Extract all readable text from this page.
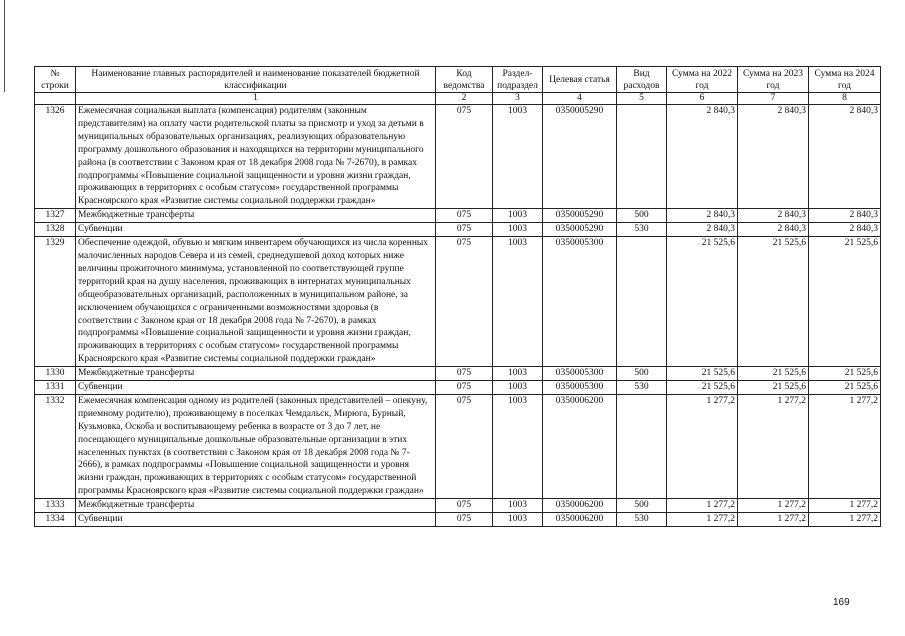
№ строки	Наименование главных распорядителей и наименование показателей бюджетной классификации	Код ведомства	Раздел-подраздел	Целевая статья	Вид расходов	Сумма на 2022 год	Сумма на 2023 год	Сумма на 2024 год
	1	2	3	4	5	6	7	8
1326	Ежемесячная социальная выплата (компенсация) родителям (законным представителям) на оплату части родительской платы за присмотр и уход за детьми в муниципальных образовательных организациях, реализующих образовательную программу дошкольного образования и находящихся на территории муниципального района (в соответствии с Законом края от 18 декабря 2008 года № 7-2670), в рамках подпрограммы «Повышение социальной защищенности и уровня жизни граждан, проживающих в территориях с особым статусом» государственной программы Красноярского края «Развитие системы социальной поддержки граждан»	075	1003	0350005290		2 840,3	2 840,3	2 840,3
1327	Межбюджетные трансферты	075	1003	0350005290	500	2 840,3	2 840,3	2 840,3
1328	Субвенции	075	1003	0350005290	530	2 840,3	2 840,3	2 840,3
1329	Обеспечение одеждой, обувью и мягким инвентарем обучающихся из числа коренных малочисленных народов Севера и из семей, среднедушевой доход которых ниже величины прожиточного минимума, установленной по соответствующей группе территорий края на душу населения, проживающих в интернатах муниципальных общеобразовательных организаций, расположенных в муниципальном районе, за исключением обучающихся с ограниченными возможностями здоровья (в соответствии с Законом края от 18 декабря 2008 года № 7-2670), в рамках подпрограммы «Повышение социальной защищенности и уровня жизни граждан, проживающих в территориях с особым статусом» государственной программы Красноярского края «Развитие системы социальной поддержки граждан»	075	1003	0350005300		21 525,6	21 525,6	21 525,6
1330	Межбюджетные трансферты	075	1003	0350005300	500	21 525,6	21 525,6	21 525,6
1331	Субвенции	075	1003	0350005300	530	21 525,6	21 525,6	21 525,6
1332	Ежемесячная компенсация одному из родителей (законных представителей – опекуну, приемному родителю), проживающему в поселках Чемдальск, Мирюга, Бурный, Кузьмовка, Оскоба и воспитывающему ребенка в возрасте от 3 до 7 лет, не посещающего муниципальные дошкольные образовательные организации в этих населенных пунктах (в соответствии с Законом края от 18 декабря 2008 года № 7-2666), в рамках подпрограммы «Повышение социальной защищенности и уровня жизни граждан, проживающих в территориях с особым статусом» государственной программы Красноярского края «Развитие системы социальной поддержки граждан»	075	1003	0350006200		1 277,2	1 277,2	1 277,2
1333	Межбюджетные трансферты	075	1003	0350006200	500	1 277,2	1 277,2	1 277,2
1334	Субвенции	075	1003	0350006200	530	1 277,2	1 277,2	1 277,2
169
